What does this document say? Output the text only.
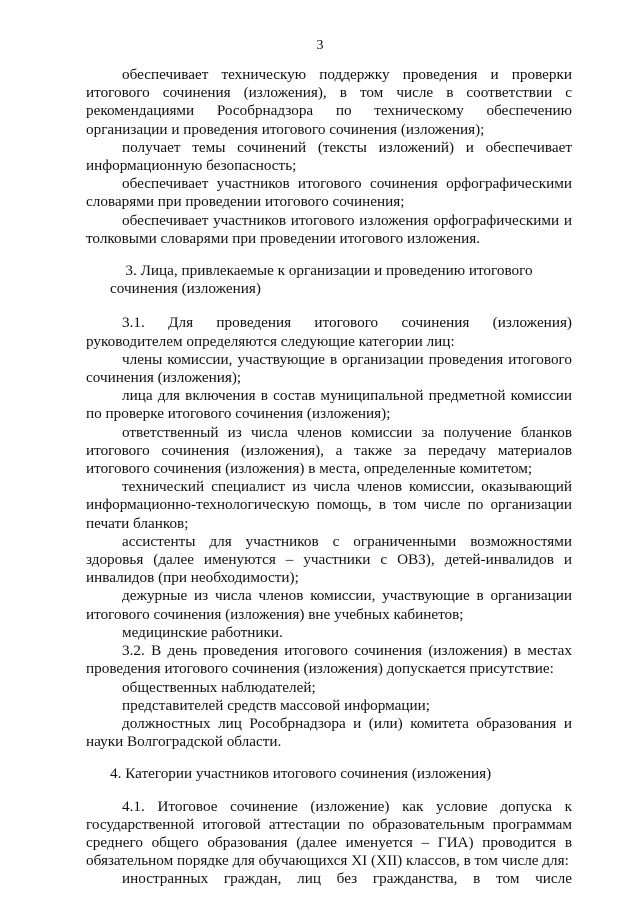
3

обеспечивает техническую поддержку проведения и проверки итогового сочинения (изложения), в том числе в соответствии с рекомендациями Рособрнадзора по техническому обеспечению организации и проведения итогового сочинения (изложения);

получает темы сочинений (тексты изложений) и обеспечивает информационную безопасность;

обеспечивает участников итогового сочинения орфографическими словарями при проведении итогового сочинения;

обеспечивает участников итогового изложения орфографическими и толковыми словарями при проведении итогового изложения.

3. Лица, привлекаемые к организации и проведению итогового сочинения (изложения)

3.1. Для проведения итогового сочинения (изложения) руководителем определяются следующие категории лиц:

члены комиссии, участвующие в организации проведения итогового сочинения (изложения);

лица для включения в состав муниципальной предметной комиссии по проверке итогового сочинения (изложения);

ответственный из числа членов комиссии за получение бланков итогового сочинения (изложения), а также за передачу материалов итогового сочинения (изложения) в места, определенные комитетом;

технический специалист из числа членов комиссии, оказывающий информационно-технологическую помощь, в том числе по организации печати бланков;

ассистенты для участников с ограниченными возможностями здоровья (далее именуются – участники с ОВЗ), детей-инвалидов и инвалидов (при необходимости);

дежурные из числа членов комиссии, участвующие в организации итогового сочинения (изложения) вне учебных кабинетов;

медицинские работники.

3.2. В день проведения итогового сочинения (изложения) в местах проведения итогового сочинения (изложения) допускается присутствие:

общественных наблюдателей;

представителей средств массовой информации;

должностных лиц Рособрнадзора и (или) комитета образования и науки Волгоградской области.

4. Категории участников итогового сочинения (изложения)

4.1. Итоговое сочинение (изложение) как условие допуска к государственной итоговой аттестации по образовательным программам среднего общего образования (далее именуется – ГИА) проводится в обязательном порядке для обучающихся XI (XII) классов, в том числе для:

иностранных граждан, лиц без гражданства, в том числе
